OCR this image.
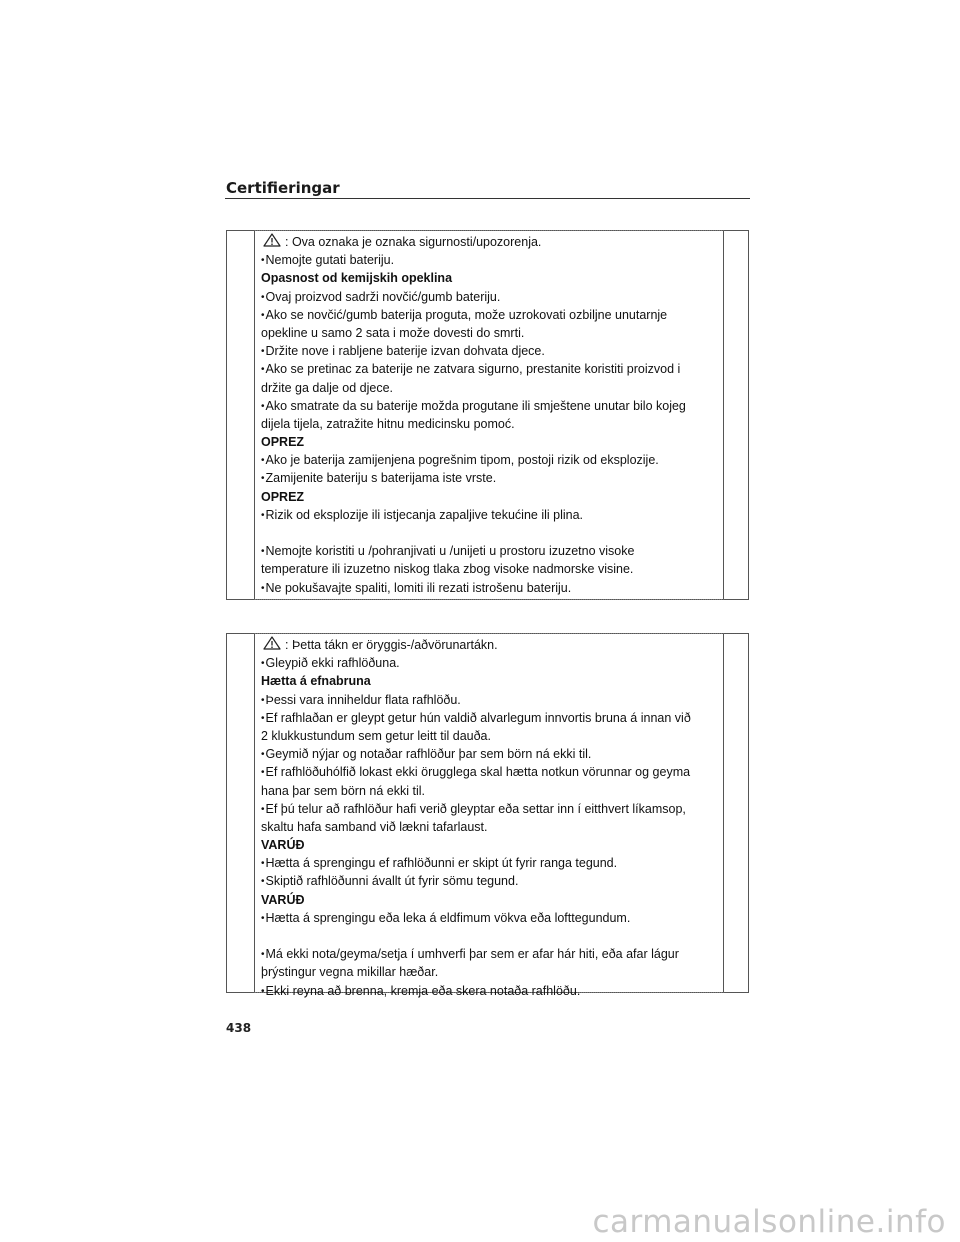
Certifieringar
: Ova oznaka je oznaka sigurnosti/upozorenja.
•Nemojte gutati bateriju.
Opasnost od kemijskih opeklina
•Ovaj proizvod sadrži novčić/gumb bateriju.
•Ako se novčić/gumb baterija proguta, može uzrokovati ozbiljne unutarnje
opekline u samo 2 sata i može dovesti do smrti.
•Držite nove i rabljene baterije izvan dohvata djece.
•Ako se pretinac za baterije ne zatvara sigurno, prestanite koristiti proizvod i
držite ga dalje od djece.
•Ako smatrate da su baterije možda progutane ili smještene unutar bilo kojeg
dijela tijela, zatražite hitnu medicinsku pomoć.
OPREZ
•Ako je baterija zamijenjena pogrešnim tipom, postoji rizik od eksplozije.
•Zamijenite bateriju s baterijama iste vrste.
OPREZ
•Rizik od eksplozije ili istjecanja zapaljive tekućine ili plina.
•Nemojte koristiti u /pohranjivati u /unijeti u prostoru izuzetno visoke
temperature ili izuzetno niskog tlaka zbog visoke nadmorske visine.
•Ne pokušavajte spaliti, lomiti ili rezati istrošenu bateriju.
: Þetta tákn er öryggis-/aðvörunartákn.
•Gleypið ekki rafhlöðuna.
Hætta á efnabruna
•Þessi vara inniheldur flata rafhlöðu.
•Ef rafhlaðan er gleypt getur hún valdið alvarlegum innvortis bruna á innan við
2 klukkustundum sem getur leitt til dauða.
•Geymið nýjar og notaðar rafhlöður þar sem börn ná ekki til.
•Ef rafhlöðuhólfið lokast ekki örugglega skal hætta notkun vörunnar og geyma
hana þar sem börn ná ekki til.
•Ef þú telur að rafhlöður hafi verið gleyptar eða settar inn í eitthvert líkamsop,
skaltu hafa samband við lækni tafarlaust.
VARÚÐ
•Hætta á sprengingu ef rafhlöðunni er skipt út fyrir ranga tegund.
•Skiptið rafhlöðunni ávallt út fyrir sömu tegund.
VARÚÐ
•Hætta á sprengingu eða leka á eldfimum vökva eða lofttegundum.
•Má ekki nota/geyma/setja í umhverfi þar sem er afar hár hiti, eða afar lágur
þrýstingur vegna mikillar hæðar.
•Ekki reyna að brenna, kremja eða skera notaða rafhlöðu.
438
carmanualsonline.info
